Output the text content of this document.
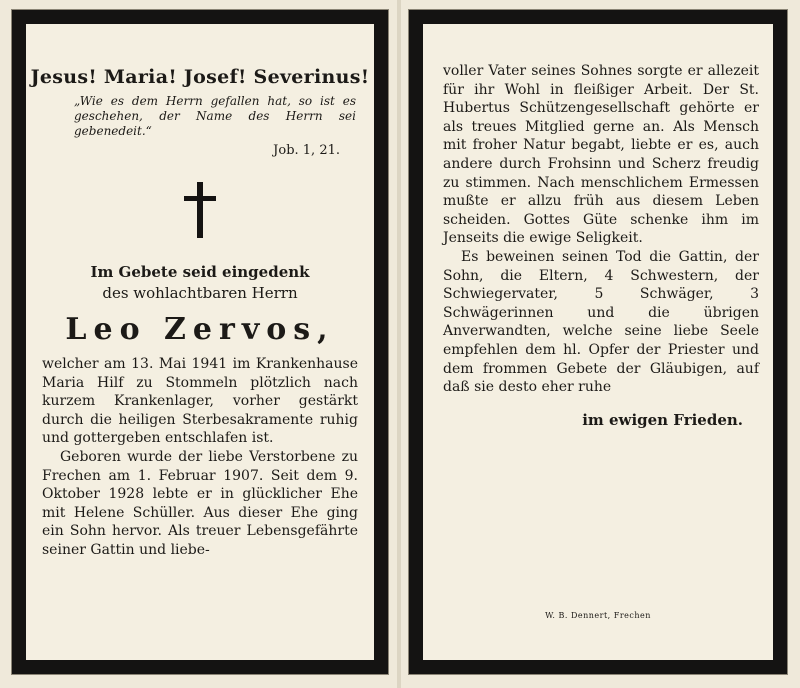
Jesus! Maria! Josef! Severinus!
„Wie es dem Herrn gefallen hat, so ist es geschehen, der Name des Herrn sei gebenedeit.“
Job. 1, 21.
Im Gebete seid eingedenk
des wohlachtbaren Herrn
Leo Zervos,

welcher am 13. Mai 1941 im Krankenhause Maria Hilf zu Stommeln plötzlich nach kurzem Krankenlager, vorher gestärkt durch die heiligen Sterbesakramente ruhig und gottergeben entschlafen ist.

Geboren wurde der liebe Verstorbene zu Frechen am 1. Februar 1907. Seit dem 9. Oktober 1928 lebte er in glücklicher Ehe mit Helene Schüller. Aus dieser Ehe ging ein Sohn hervor. Als treuer Lebensgefährte seiner Gattin und liebe-

voller Vater seines Sohnes sorgte er allezeit für ihr Wohl in fleißiger Arbeit. Der St. Hubertus Schützengesellschaft gehörte er als treues Mitglied gerne an. Als Mensch mit froher Natur begabt, liebte er es, auch andere durch Frohsinn und Scherz freudig zu stimmen. Nach menschlichem Ermessen mußte er allzu früh aus diesem Leben scheiden. Gottes Güte schenke ihm im Jenseits die ewige Seligkeit.

Es beweinen seinen Tod die Gattin, der Sohn, die Eltern, 4 Schwestern, der Schwiegervater, 5 Schwäger, 3 Schwägerinnen und die übrigen Anverwandten, welche seine liebe Seele empfehlen dem hl. Opfer der Priester und dem frommen Gebete der Gläubigen, auf daß sie desto eher ruhe

im ewigen Frieden.
W. B. Dennert, Frechen
